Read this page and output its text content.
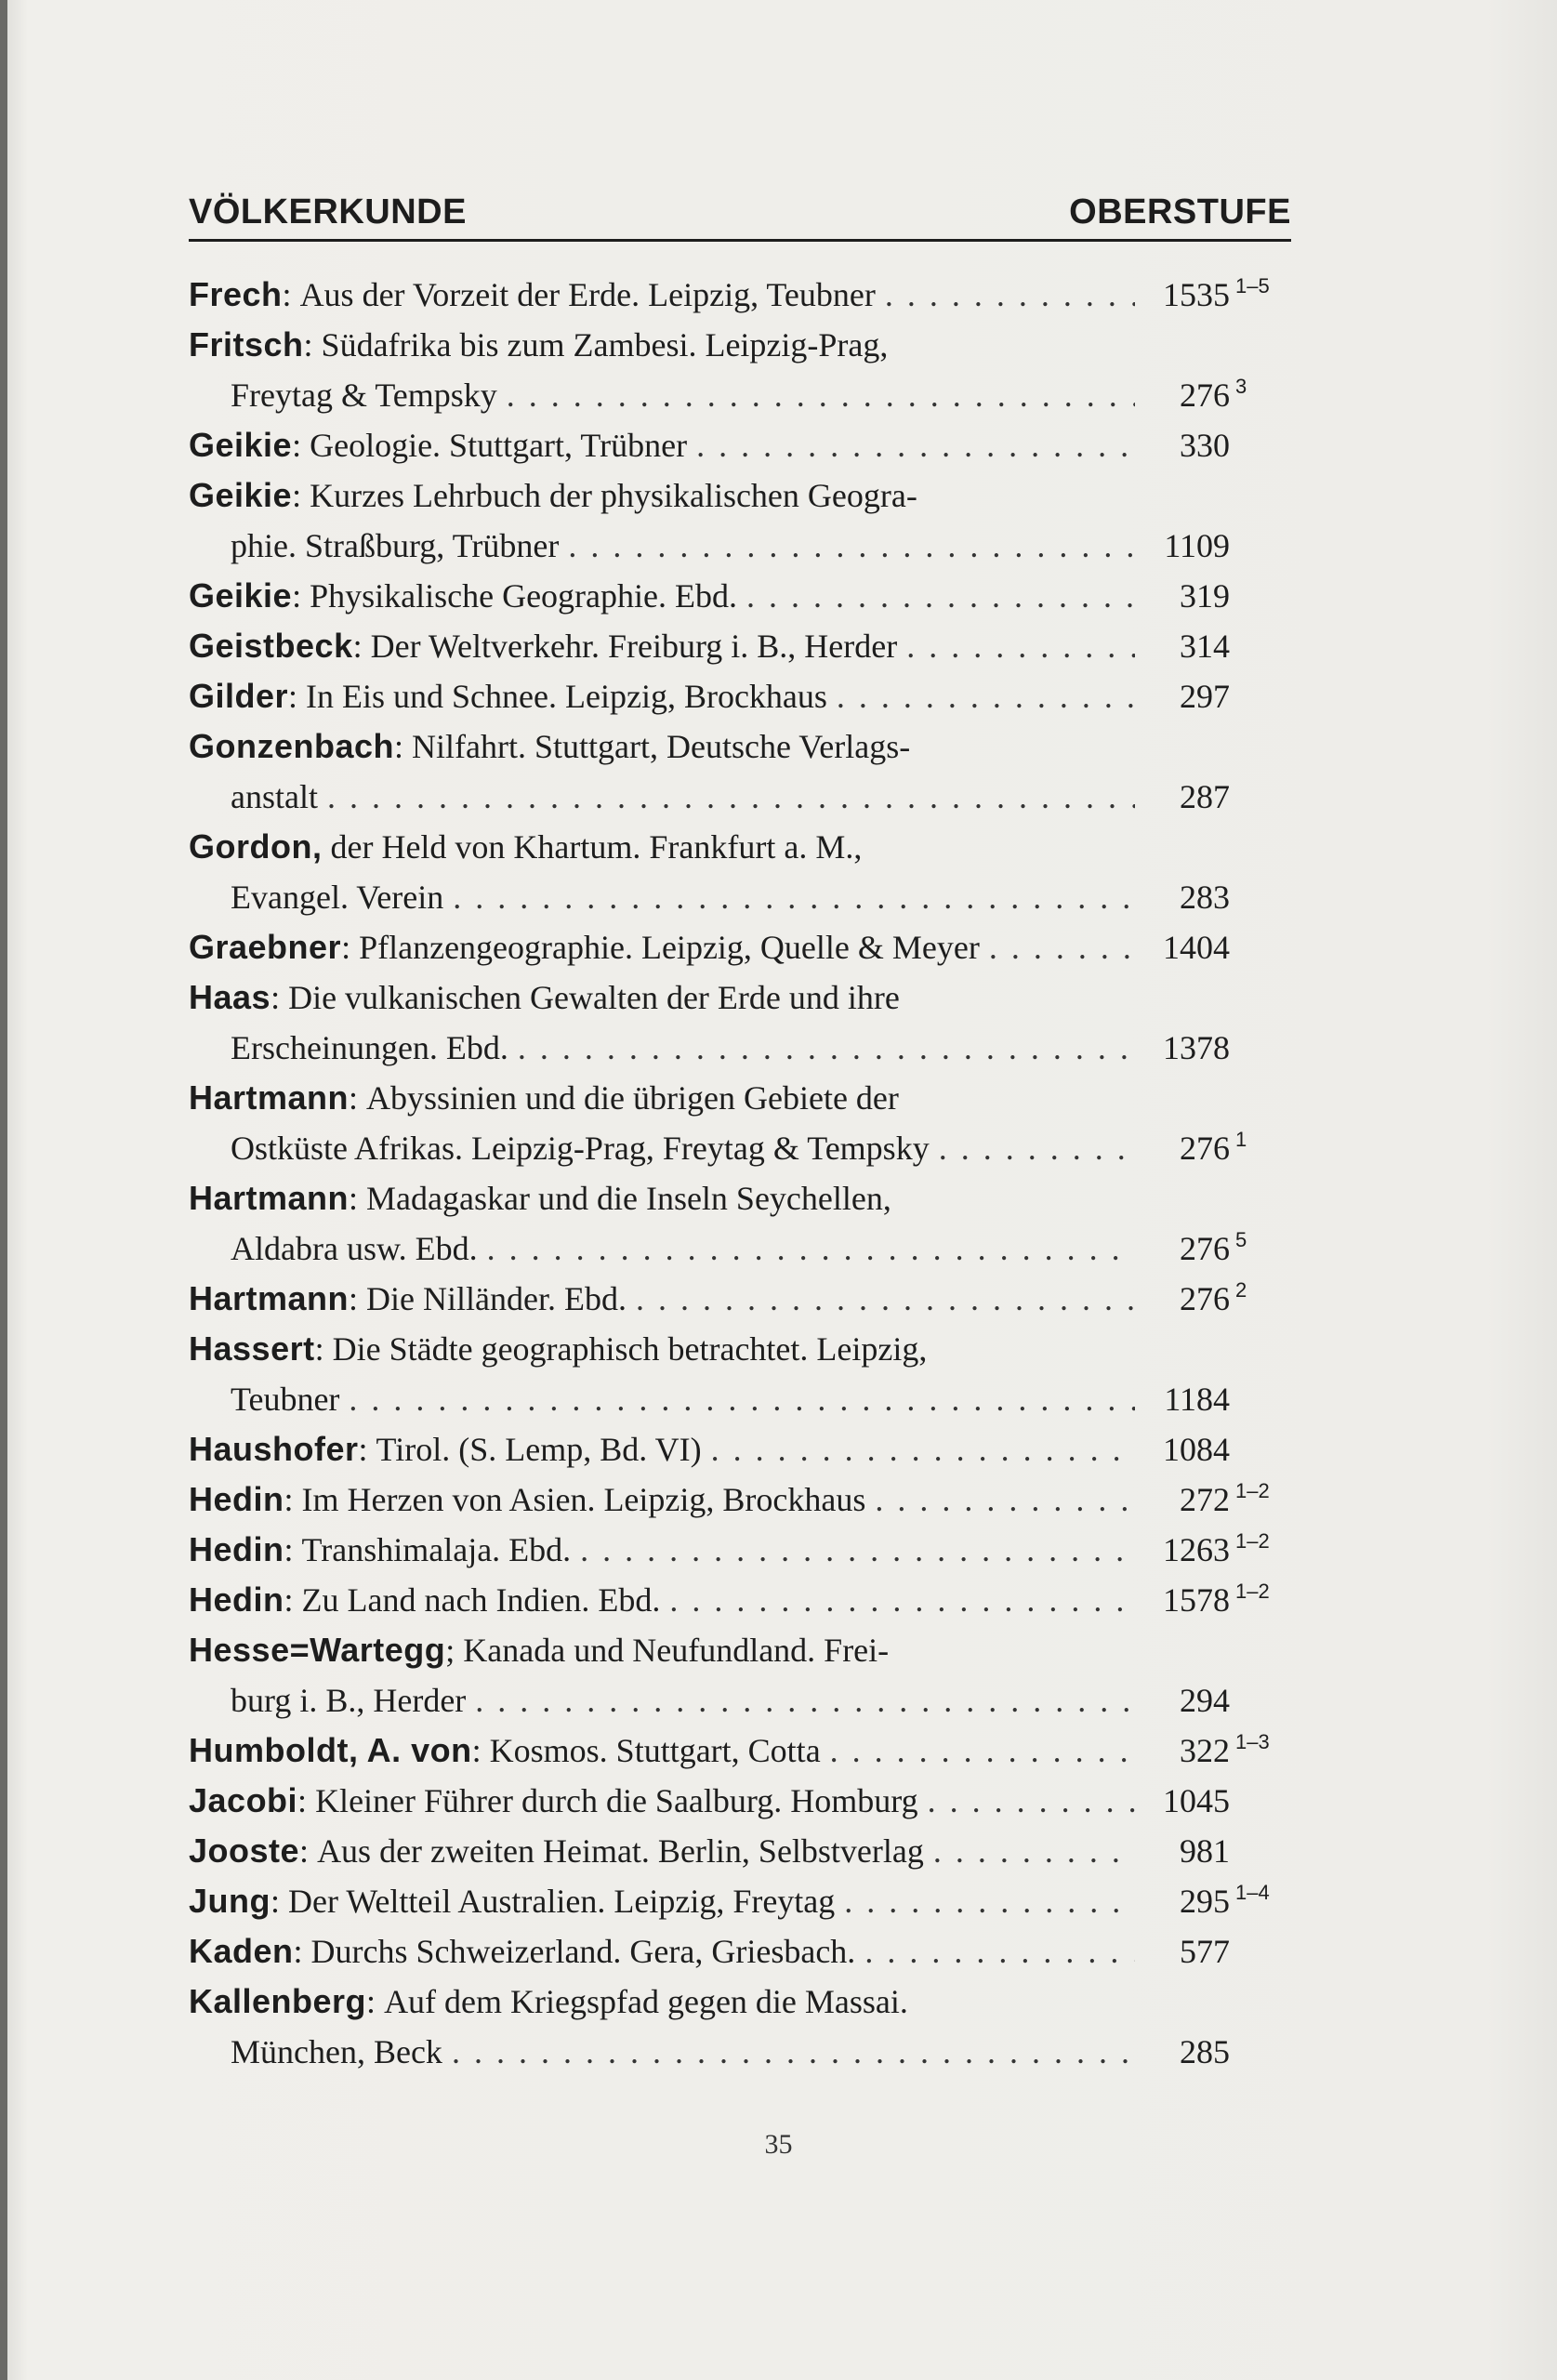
VÖLKERKUNDE	OBERSTUFE
Frech : Aus der Vorzeit der Erde. Leipzig, Teubner . . .	1535 1–5
Fritsch : Südafrika bis zum Zambesi. Leipzig-Prag,
Freytag & Tempsky . . .	276 3
Geikie : Geologie. Stuttgart, Trübner . . .	330
Geikie : Kurzes Lehrbuch der physikalischen Geogra-
phie. Straßburg, Trübner . . .	1109
Geikie : Physikalische Geographie. Ebd. . . .	319
Geistbeck : Der Weltverkehr. Freiburg i. B., Herder . . .	314
Gilder : In Eis und Schnee. Leipzig, Brockhaus . . .	297
Gonzenbach : Nilfahrt. Stuttgart, Deutsche Verlags-
anstalt . . .	287
Gordon,
der Held von Khartum. Frankfurt a. M.,
Evangel. Verein . . .	283
Graebner : Pflanzengeographie. Leipzig, Quelle & Meyer . . .	1404
Haas : Die vulkanischen Gewalten der Erde und ihre
Erscheinungen. Ebd. . . .	1378
Hartmann : Abyssinien und die übrigen Gebiete der
Ostküste Afrikas. Leipzig-Prag, Freytag & Tempsky . . .	276 1
Hartmann : Madagaskar und die Inseln Seychellen,
Aldabra usw. Ebd. . . .	276 5
Hartmann : Die Nilländer. Ebd. . . .	276 2
Hassert : Die Städte geographisch betrachtet. Leipzig,
Teubner . . .	1184
Haushofer : Tirol. (S. Lemp, Bd. VI) . . .	1084
Hedin : Im Herzen von Asien. Leipzig, Brockhaus . . .	272 1–2
Hedin : Transhimalaja. Ebd. . . .	1263 1–2
Hedin : Zu Land nach Indien. Ebd. . . .	1578 1–2
Hesse=Wartegg ; Kanada und Neufundland. Frei-
burg i. B., Herder . . .	294
Humboldt, A. von : Kosmos. Stuttgart, Cotta . . .	322 1–3
Jacobi : Kleiner Führer durch die Saalburg. Homburg . . .	1045
Jooste : Aus der zweiten Heimat. Berlin, Selbstverlag . . .	981
Jung : Der Weltteil Australien. Leipzig, Freytag . . .	295 1–4
Kaden : Durchs Schweizerland. Gera, Griesbach. . . .	577
Kallenberg : Auf dem Kriegspfad gegen die Massai.
München, Beck . . .	285
35
